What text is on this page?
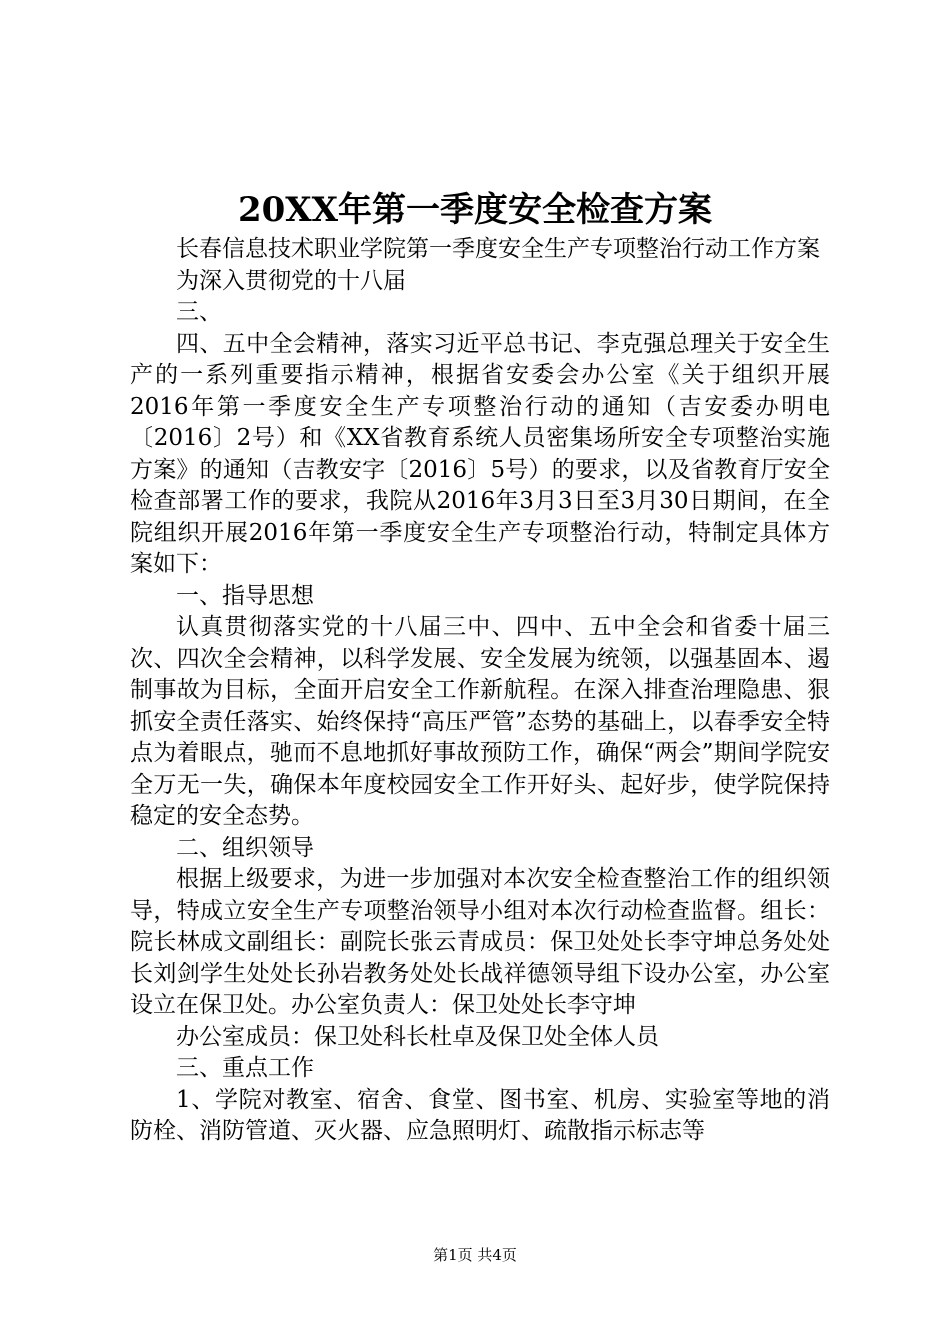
20XX年第一季度安全检查方案

长春信息技术职业学院第一季度安全生产专项整治行动工作方案

为深入贯彻党的十八届

三、

四、五中全会精神，落实习近平总书记、李克强总理关于安全生产的一系列重要指示精神，根据省安委会办公室《关于组织开展2016年第一季度安全生产专项整治行动的通知（吉安委办明电〔2016〕2号）和《XX省教育系统人员密集场所安全专项整治实施方案》的通知（吉教安字〔2016〕5号）的要求，以及省教育厅安全检查部署工作的要求，我院从2016年3月3日至3月30日期间，在全院组织开展2016年第一季度安全生产专项整治行动，特制定具体方案如下：

一、指导思想

认真贯彻落实党的十八届三中、四中、五中全会和省委十届三次、四次全会精神，以科学发展、安全发展为统领，以强基固本、遏制事故为目标，全面开启安全工作新航程。在深入排查治理隐患、狠抓安全责任落实、始终保持“高压严管”态势的基础上，以春季安全特点为着眼点，驰而不息地抓好事故预防工作，确保“两会”期间学院安全万无一失，确保本年度校园安全工作开好头、起好步，使学院保持稳定的安全态势。

二、组织领导

根据上级要求，为进一步加强对本次安全检查整治工作的组织领导，特成立安全生产专项整治领导小组对本次行动检查监督。组长：院长林成文副组长：副院长张云青成员：保卫处处长李守坤总务处处长刘剑学生处处长孙岩教务处处长战祥德领导组下设办公室，办公室设立在保卫处。办公室负责人：保卫处处长李守坤

办公室成员：保卫处科长杜卓及保卫处全体人员

三、重点工作

1、学院对教室、宿舍、食堂、图书室、机房、实验室等地的消防栓、消防管道、灭火器、应急照明灯、疏散指示标志等

第1页 共4页
